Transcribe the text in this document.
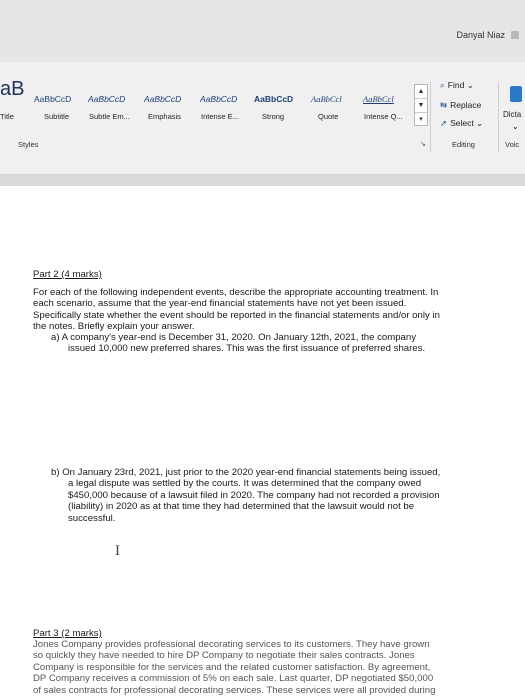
Danyal Niaz
aB
Title
AaBbCcD
Subtitle
AaBbCcD
Subtle Em...
AaBbCcD
Emphasis
AaBbCcD
Intense E...
AaBbCcD
Strong
AaBbCcl
Quote
AaBbCcl
Intense Q...
▲
▼
▾
Styles	↘
⌕ Find ⌄
⇆ Replace
➚ Select ⌄
Editing
Dicta
⌄
Voic
Part 2 (4 marks)
For each of the following independent events, describe the appropriate accounting treatment. In
each scenario, assume that the year-end financial statements have not yet been issued.
Specifically state whether the event should be reported in the financial statements and/or only in
the notes. Briefly explain your answer.
a) A company's year-end is December 31, 2020. On January 12th, 2021, the company
issued 10,000 new preferred shares. This was the first issuance of preferred shares.
b) On January 23rd, 2021, just prior to the 2020 year-end financial statements being issued,
a legal dispute was settled by the courts. It was determined that the company owed
$450,000 because of a lawsuit filed in 2020. The company had not recorded a provision
(liability) in 2020 as at that time they had determined that the lawsuit would not be
successful.
Part 3 (2 marks)
Jones Company provides professional decorating services to its customers. They have grown
so quickly they have needed to hire DP Company to negotiate their sales contracts. Jones
Company is responsible for the services and the related customer satisfaction. By agreement,
DP Company receives a commission of 5% on each sale. Last quarter, DP negotiated $50,000
of sales contracts for professional decorating services. These services were all provided during
I
